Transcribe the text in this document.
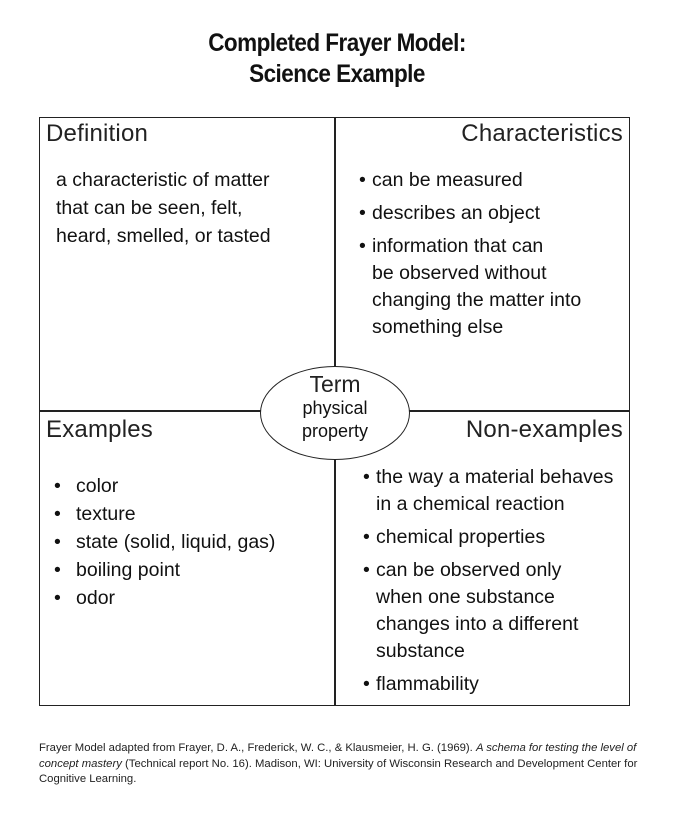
Completed Frayer Model:
Science Example
Definition
a characteristic of matter
that can be seen, felt,
heard, smelled, or tasted
Characteristics
• can be measured
• describes an object
• information that can
be observed without
changing the matter into
something else
Examples
• color
• texture
• state (solid, liquid, gas)
• boiling point
• odor
Non-examples
• the way a material behaves
in a chemical reaction
• chemical properties
• can be observed only
when one substance
changes into a different
substance
• flammability
Term
physical
property
Frayer Model adapted from Frayer, D. A., Frederick, W. C., & Klausmeier, H. G. (1969). A schema for testing the level of concept mastery (Technical report No. 16). Madison, WI: University of Wisconsin Research and Development Center for Cognitive Learning.
